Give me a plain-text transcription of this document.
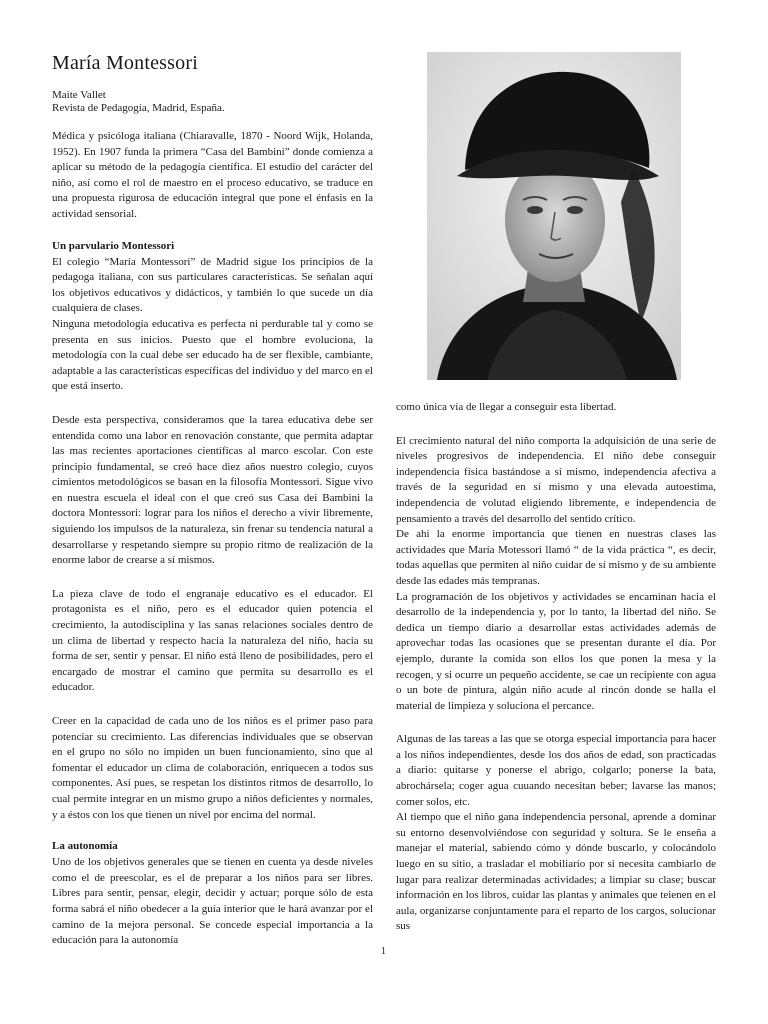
María Montessori
Maite Vallet
Revista de Pedagogía, Madrid, España.

Médica y psicóloga italiana (Chiaravalle, 1870 - Noord Wijk, Holanda, 1952). En 1907 funda la primera “Casa del Bambini” donde comienza a aplicar su método de la pedagogía científica. El estudio del carácter del niño, así como el rol de maestro en el proceso educativo, se traduce en una propuesta rigurosa de educación integral que pone el énfasis en la actividad sensorial.

Un parvulario Montessori

El colegio “María Montessori” de Madrid sigue los principios de la pedagoga italiana, con sus particulares características. Se señalan aquí los objetivos educativos y didácticos, y también lo que sucede un día cualquiera de clases.

Ninguna metodología educativa es perfecta ni perdurable tal y como se presenta en sus inicios. Puesto que el hombre evoluciona, la metodología con la cual debe ser educado ha de ser flexible, cambiante, adaptable a las características específicas del individuo y del marco en el que está inserto.

Desde esta perspectiva, consideramos que la tarea educativa debe ser entendida como una labor en renovación constante, que permita adaptar las mas recientes aportaciones científicas al marco escolar. Con este principio fundamental, se creó hace diez años nuestro colegio, cuyos cimientos metodológicos se basan en la filosofía Montessori. Sigue vivo en nuestra escuela el ideal con el que creó sus Casa dei Bambini la doctora Montessori: lograr para los niños el derecho a vivir libremente, siguiendo los impulsos de la naturaleza, sin frenar su tendencia natural a desarrollarse y respetando siempre su propio ritmo de realización de la enorme labor de crearse a sí mismos.

La pieza clave de todo el engranaje educativo es el educador. El protagonista es el niño, pero es el educador quien potencia el crecimiento, la autodisciplina y las sanas relaciones sociales dentro de un clima de libertad y respecto hacia la naturaleza del niño, hacia su forma de ser, sentir y pensar. El niño está lleno de posibilidades, pero el encargado de mostrar el camino que permita su desarrollo es el educador.

Creer en la capacidad de cada uno de los niños es el primer paso para potenciar su crecimiento. Las diferencias individuales que se observan en el grupo no sólo no impiden un buen funcionamiento, sino que al fomentar el educador un clima de colaboración, enriquecen a todos sus componentes. Así pues, se respetan los distintos ritmos de desarrollo, lo cual permite integrar en un mismo grupo a niños deficientes y normales, y a éstos con los que tienen un nivel por encima del normal.

La autonomía

Uno de los objetivos generales que se tienen en cuenta ya desde niveles como el de preescolar, es el de preparar a los niños para ser libres. Libres para sentir, pensar, elegir, decidir y actuar; porque sólo de esta forma sabrá el niño obedecer a la guía interior que le hará avanzar por el camino de la mejora personal. Se concede especial importancia a la educación para la autonomía

como única vía de llegar a conseguir esta libertad.

El crecimiento natural del niño comporta la adquisición de una serie de niveles progresivos de independencia. El niño debe conseguir independencia física bastándose a sí mismo, independencia afectiva a través de la seguridad en sí mismo y una elevada autoestima, independencia de volutad eligiendo libremente, e independencia de pensamiento a través del desarrollo del sentido crítico.

De ahí la enorme importancia que tienen en nuestras clases las actividades que María Motessori llamó “ de la vida práctica “, es decir, todas aquellas que permiten al niño cuidar de sí mismo y de su ambiente desde las edades más tempranas.

La programación de los objetivos y actividades se encaminan hacia el desarrollo de la independencia y, por lo tanto, la libertad del niño. Se dedica un tiempo diario a desarrollar estas actividades además de aprovechar todas las ocasiones que se presentan durante el día. Por ejemplo, durante la comida son ellos los que ponen la mesa y la recogen, y si ocurre un pequeño accidente, se cae un recipiente con agua o un bote de pintura, algún niño acude al rincón donde se halla el material de limpieza y soluciona el percance.

Algunas de las tareas a las que se otorga especial importancia para hacer a los niños independientes, desde los dos años de edad, son practicadas a diario: quitarse y ponerse el abrigo, colgarlo; ponerse la bata, abrochársela; coger agua cuuando necesitan beber; lavarse las manos; comer solos, etc.

Al tiempo que el niño gana independencia personal, aprende a dominar su entorno desenvolviéndose con seguridad y soltura. Se le enseña a manejar el material, sabiendo cómo y dónde buscarlo, y colocándolo luego en su sitio, a trasladar el mobiliario por si necesita cambiarlo de lugar para realizar determinadas actividades; a limpiar su clase; buscar información en los libros, cuidar las plantas y animales que teienen en el aula, organizarse conjuntamente para el reparto de los cargos, solucionar sus

1
